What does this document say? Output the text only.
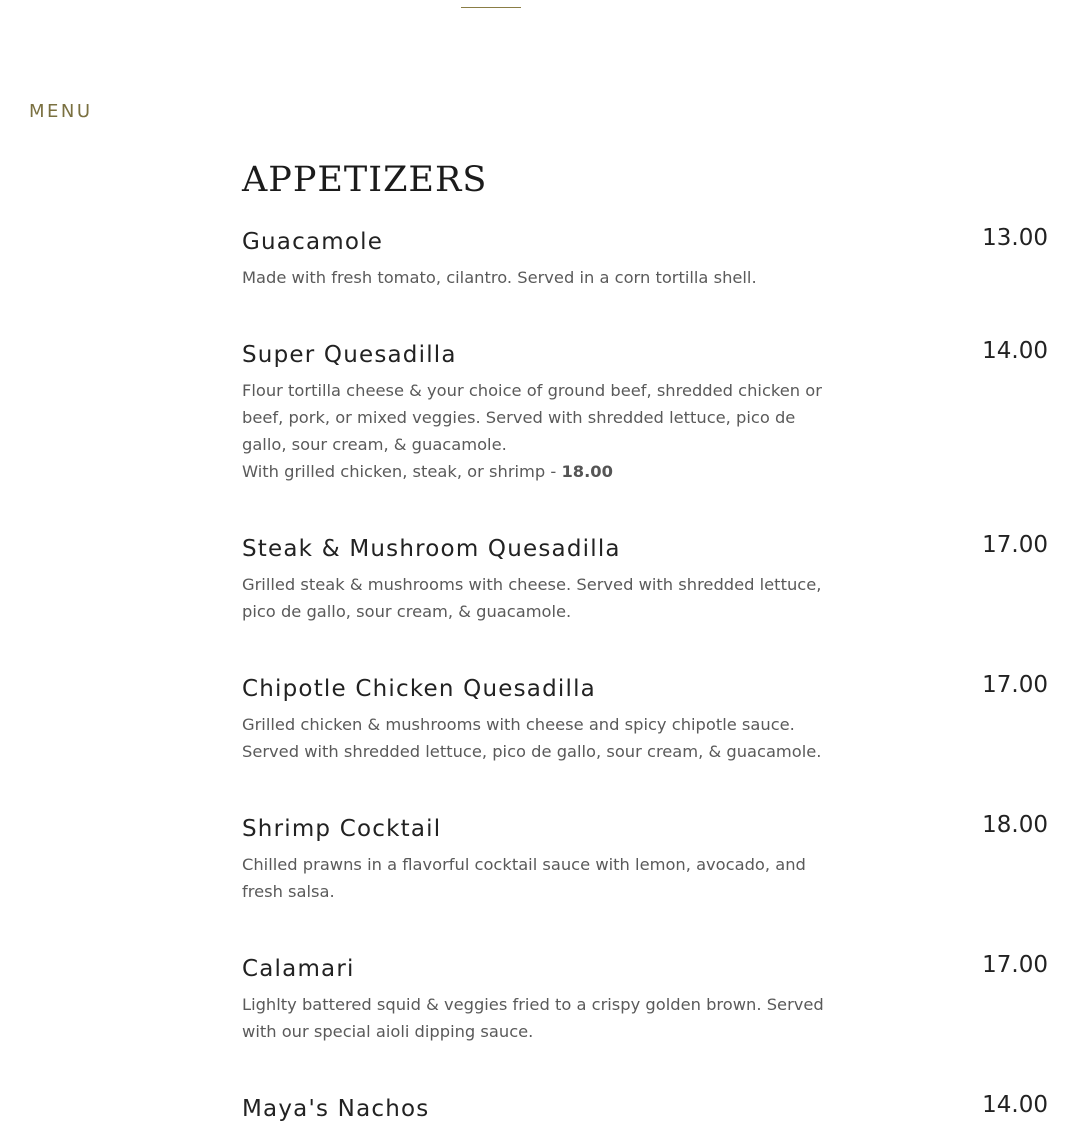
MENU
APPETIZERS
Guacamole	13.00
Made with fresh tomato, cilantro. Served in a corn tortilla shell.
Super Quesadilla	14.00
Flour tortilla cheese & your choice of ground beef, shredded chicken or beef, pork, or mixed veggies. Served with shredded lettuce, pico de gallo, sour cream, & guacamole.
With grilled chicken, steak, or shrimp - 18.00
Steak & Mushroom Quesadilla	17.00
Grilled steak & mushrooms with cheese. Served with shredded lettuce, pico de gallo, sour cream, & guacamole.
Chipotle Chicken Quesadilla	17.00
Grilled chicken & mushrooms with cheese and spicy chipotle sauce. Served with shredded lettuce, pico de gallo, sour cream, & guacamole.
Shrimp Cocktail	18.00
Chilled prawns in a flavorful cocktail sauce with lemon, avocado, and fresh salsa.
Calamari	17.00
Lighlty battered squid & veggies fried to a crispy golden brown. Served with our special aioli dipping sauce.
Maya's Nachos	14.00
